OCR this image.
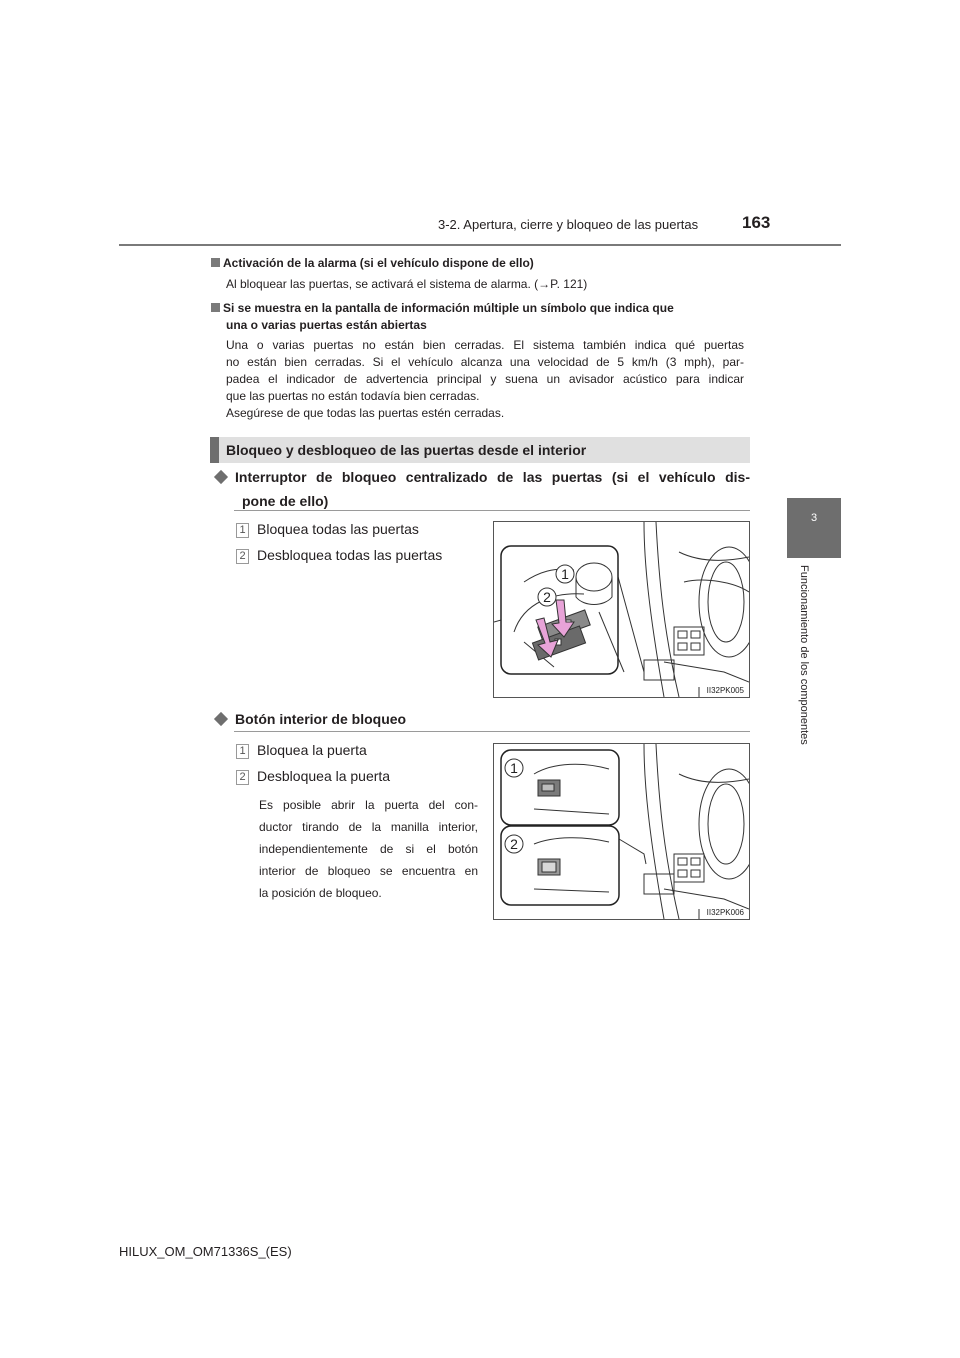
3-2. Apertura, cierre y bloqueo de las puertas	163
3
Funcionamiento de los componentes
Activación de la alarma (si el vehículo dispone de ello)
Al bloquear las puertas, se activará el sistema de alarma. (→P. 121)
Si se muestra en la pantalla de información múltiple un símbolo que indica que
una o varias puertas están abiertas
Una o varias puertas no están bien cerradas. El sistema también indica qué puertas
no están bien cerradas. Si el vehículo alcanza una velocidad de 5 km/h (3 mph), par-
padea el indicador de advertencia principal y suena un avisador acústico para indicar
que las puertas no están todavía bien cerradas.
Asegúrese de que todas las puertas estén cerradas.
Bloqueo y desbloqueo de las puertas desde el interior
Interruptor de bloqueo centralizado de las puertas (si el vehículo dis-
pone de ello)
1 Bloquea todas las puertas
2 Desbloquea todas las puertas
1
2
II32PK005
Botón interior de bloqueo
1 Bloquea la puerta
2 Desbloquea la puerta
Es posible abrir la puerta del con-
ductor tirando de la manilla interior,
independientemente de si el botón
interior de bloqueo se encuentra en
la posición de bloqueo.
1
2
II32PK006
HILUX_OM_OM71336S_(ES)
